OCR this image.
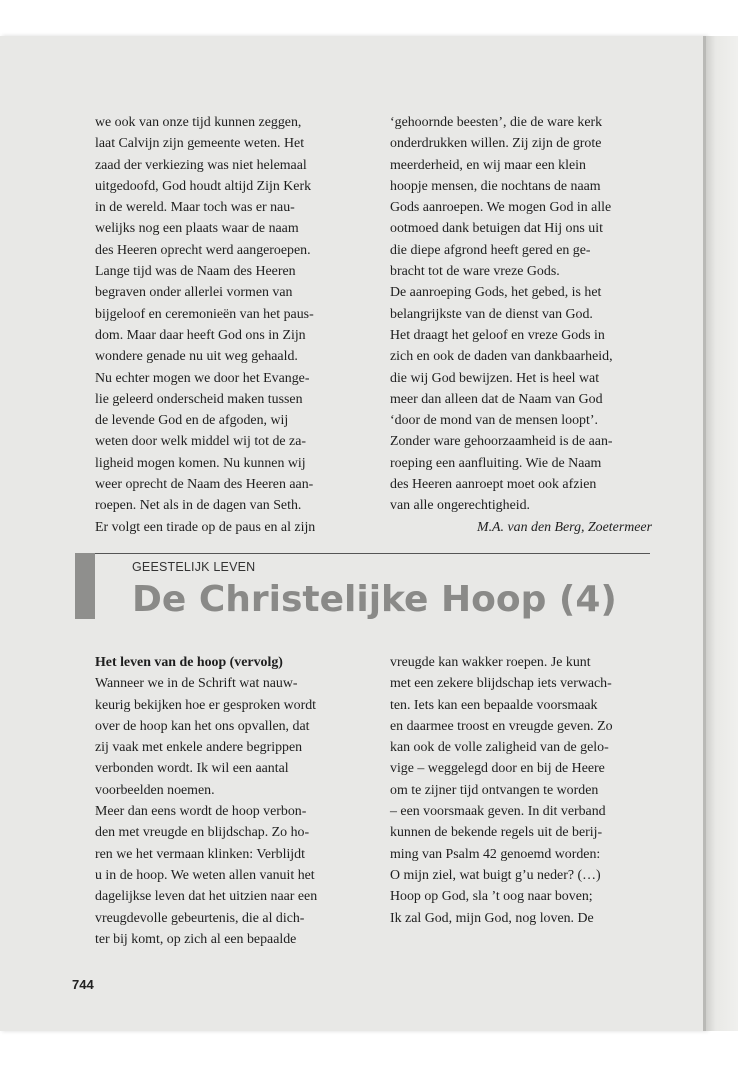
we ook van onze tijd kunnen zeggen,
laat Calvijn zijn gemeente weten. Het
zaad der verkiezing was niet helemaal
uitgedoofd, God houdt altijd Zijn Kerk
in de wereld. Maar toch was er nau-
welijks nog een plaats waar de naam
des Heeren oprecht werd aangeroepen.
Lange tijd was de Naam des Heeren
begraven onder allerlei vormen van
bijgeloof en ceremonieën van het paus-
dom. Maar daar heeft God ons in Zijn
wondere genade nu uit weg gehaald.
Nu echter mogen we door het Evange-
lie geleerd onderscheid maken tussen
de levende God en de afgoden, wij
weten door welk middel wij tot de za-
ligheid mogen komen. Nu kunnen wij
weer oprecht de Naam des Heeren aan-
roepen. Net als in de dagen van Seth.
Er volgt een tirade op de paus en al zijn

‘gehoornde beesten’, die de ware kerk
onderdrukken willen. Zij zijn de grote
meerderheid, en wij maar een klein
hoopje mensen, die nochtans de naam
Gods aanroepen. We mogen God in alle
ootmoed dank betuigen dat Hij ons uit
die diepe afgrond heeft gered en ge-
bracht tot de ware vreze Gods.
De aanroeping Gods, het gebed, is het
belangrijkste van de dienst van God.
Het draagt het geloof en vreze Gods in
zich en ook de daden van dankbaarheid,
die wij God bewijzen. Het is heel wat
meer dan alleen dat de Naam van God
‘door de mond van de mensen loopt’.
Zonder ware gehoorzaamheid is de aan-
roeping een aanfluiting. Wie de Naam
des Heeren aanroept moet ook afzien
van alle ongerechtigheid.

M.A. van den Berg, Zoetermeer

GEESTELIJK LEVEN
De Christelijke Hoop (4)

Het leven van de hoop (vervolg)

Wanneer we in de Schrift wat nauw-
keurig bekijken hoe er gesproken wordt
over de hoop kan het ons opvallen, dat
zij vaak met enkele andere begrippen
verbonden wordt. Ik wil een aantal
voorbeelden noemen.
Meer dan eens wordt de hoop verbon-
den met vreugde en blijdschap. Zo ho-
ren we het vermaan klinken: Verblijdt
u in de hoop. We weten allen vanuit het
dagelijkse leven dat het uitzien naar een
vreugdevolle gebeurtenis, die al dich-
ter bij komt, op zich al een bepaalde

vreugde kan wakker roepen. Je kunt
met een zekere blijdschap iets verwach-
ten. Iets kan een bepaalde voorsmaak
en daarmee troost en vreugde geven. Zo
kan ook de volle zaligheid van de gelo-
vige – weggelegd door en bij de Heere
om te zijner tijd ontvangen te worden
– een voorsmaak geven. In dit verband
kunnen de bekende regels uit de berij-
ming van Psalm 42 genoemd worden:
O mijn ziel, wat buigt g’u neder? (…)
Hoop op God, sla ’t oog naar boven;
Ik zal God, mijn God, nog loven. De

744
